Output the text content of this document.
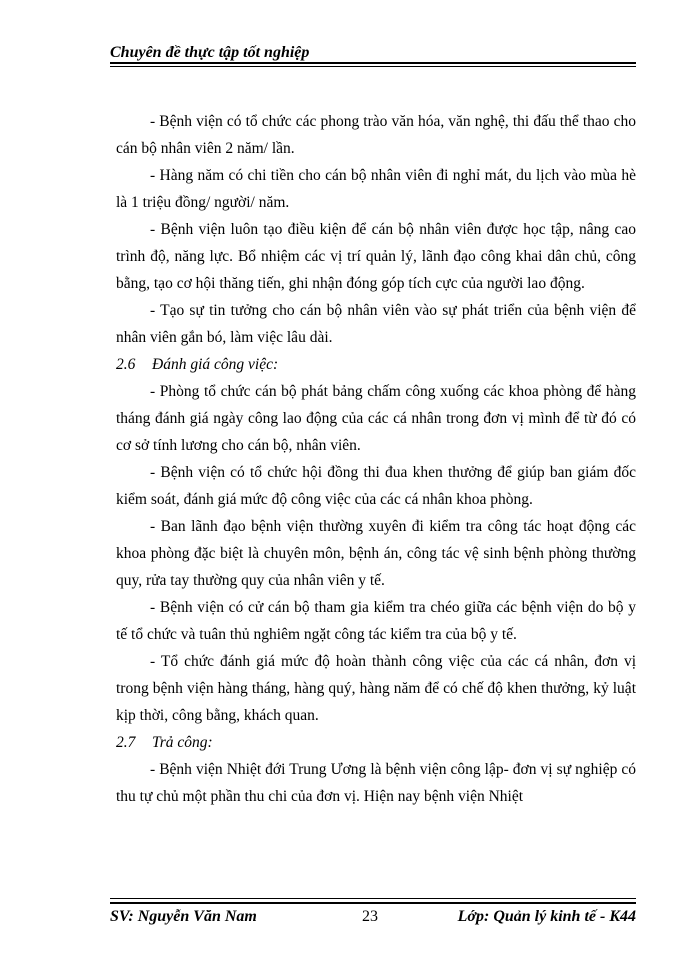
Chuyên đề thực tập tốt nghiệp

- Bệnh viện có tổ chức các phong trào văn hóa, văn nghệ, thi đấu thể thao cho cán bộ nhân viên 2 năm/ lần.

- Hàng năm có chi tiền cho cán bộ nhân viên đi nghỉ mát, du lịch vào mùa hè là 1 triệu đồng/ người/ năm.

- Bệnh viện luôn tạo điều kiện để cán bộ nhân viên được học tập, nâng cao trình độ, năng lực. Bổ nhiệm các vị trí quản lý, lãnh đạo công khai dân chủ, công bằng, tạo cơ hội thăng tiến, ghi nhận đóng góp tích cực của người lao động.

- Tạo sự tin tưởng cho cán bộ nhân viên vào sự phát triển của bệnh viện để nhân viên gắn bó, làm việc lâu dài.

2.6 Đánh giá công việc:

- Phòng tổ chức cán bộ phát bảng chấm công xuống các khoa phòng để hàng tháng đánh giá ngày công lao động của các cá nhân trong đơn vị mình để từ đó có cơ sở tính lương cho cán bộ, nhân viên.

- Bệnh viện có tổ chức hội đồng thi đua khen thưởng để giúp ban giám đốc kiểm soát, đánh giá mức độ công việc của các cá nhân khoa phòng.

- Ban lãnh đạo bệnh viện thường xuyên đi kiểm tra công tác hoạt động các khoa phòng đặc biệt là chuyên môn, bệnh án, công tác vệ sinh bệnh phòng thường quy, rửa tay thường quy của nhân viên y tế.

- Bệnh viện có cử cán bộ tham gia kiểm tra chéo giữa các bệnh viện do bộ y tế tổ chức và tuân thủ nghiêm ngặt công tác kiểm tra của bộ y tế.

- Tổ chức đánh giá mức độ hoàn thành công việc của các cá nhân, đơn vị trong bệnh viện hàng tháng, hàng quý, hàng năm để có chế độ khen thưởng, kỷ luật kịp thời, công bằng, khách quan.

2.7 Trả công:

- Bệnh viện Nhiệt đới Trung Ương là bệnh viện công lập- đơn vị sự nghiệp có thu tự chủ một phần thu chi của đơn vị. Hiện nay bệnh viện Nhiệt

SV: Nguyễn Văn Nam	23	Lớp: Quản lý kinh tế - K44
